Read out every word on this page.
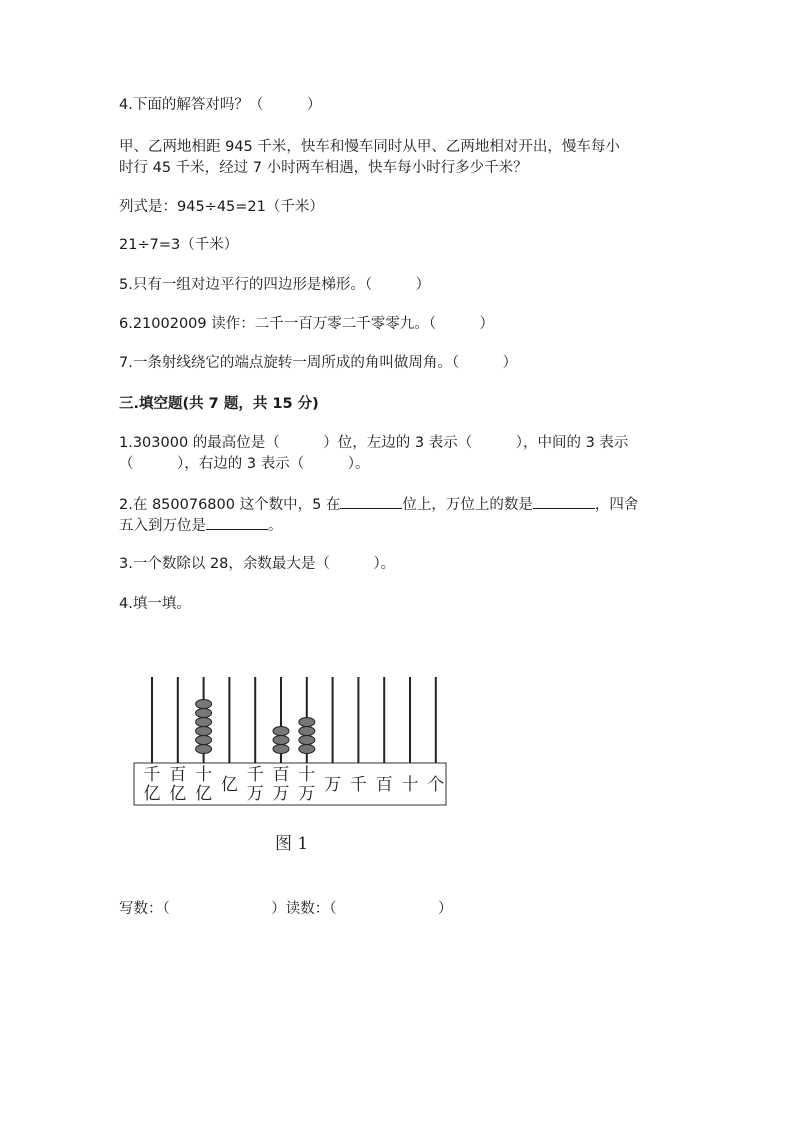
4.下面的解答对吗？（　　　）
甲、乙两地相距 945 千米，快车和慢车同时从甲、乙两地相对开出，慢车每小
时行 45 千米，经过 7 小时两车相遇，快车每小时行多少千米？
列式是：945÷45=21（千米）
21÷7=3（千米）
5.只有一组对边平行的四边形是梯形。（　　　）
6.21002009 读作：二千一百万零二千零零九。（　　　）
7.一条射线绕它的端点旋转一周所成的角叫做周角。（　　　）
三.填空题(共 7 题，共 15 分)
1.303000 的最高位是（　　　）位，左边的 3 表示（　　　），中间的 3 表示
（　　　），右边的 3 表示（　　　）。
2.在 850076800 这个数中，5 在	位上，万位上的数是	，四舍
五入到万位是	。
3.一个数除以 28，余数最大是（　　　）。
4.填一填。
千
亿
百
亿
十
亿 亿 千
万
百
万
十
万 万 千 百 十 个
图 1
写数：（　　　　　　　）读数：（　　　　　　　）
